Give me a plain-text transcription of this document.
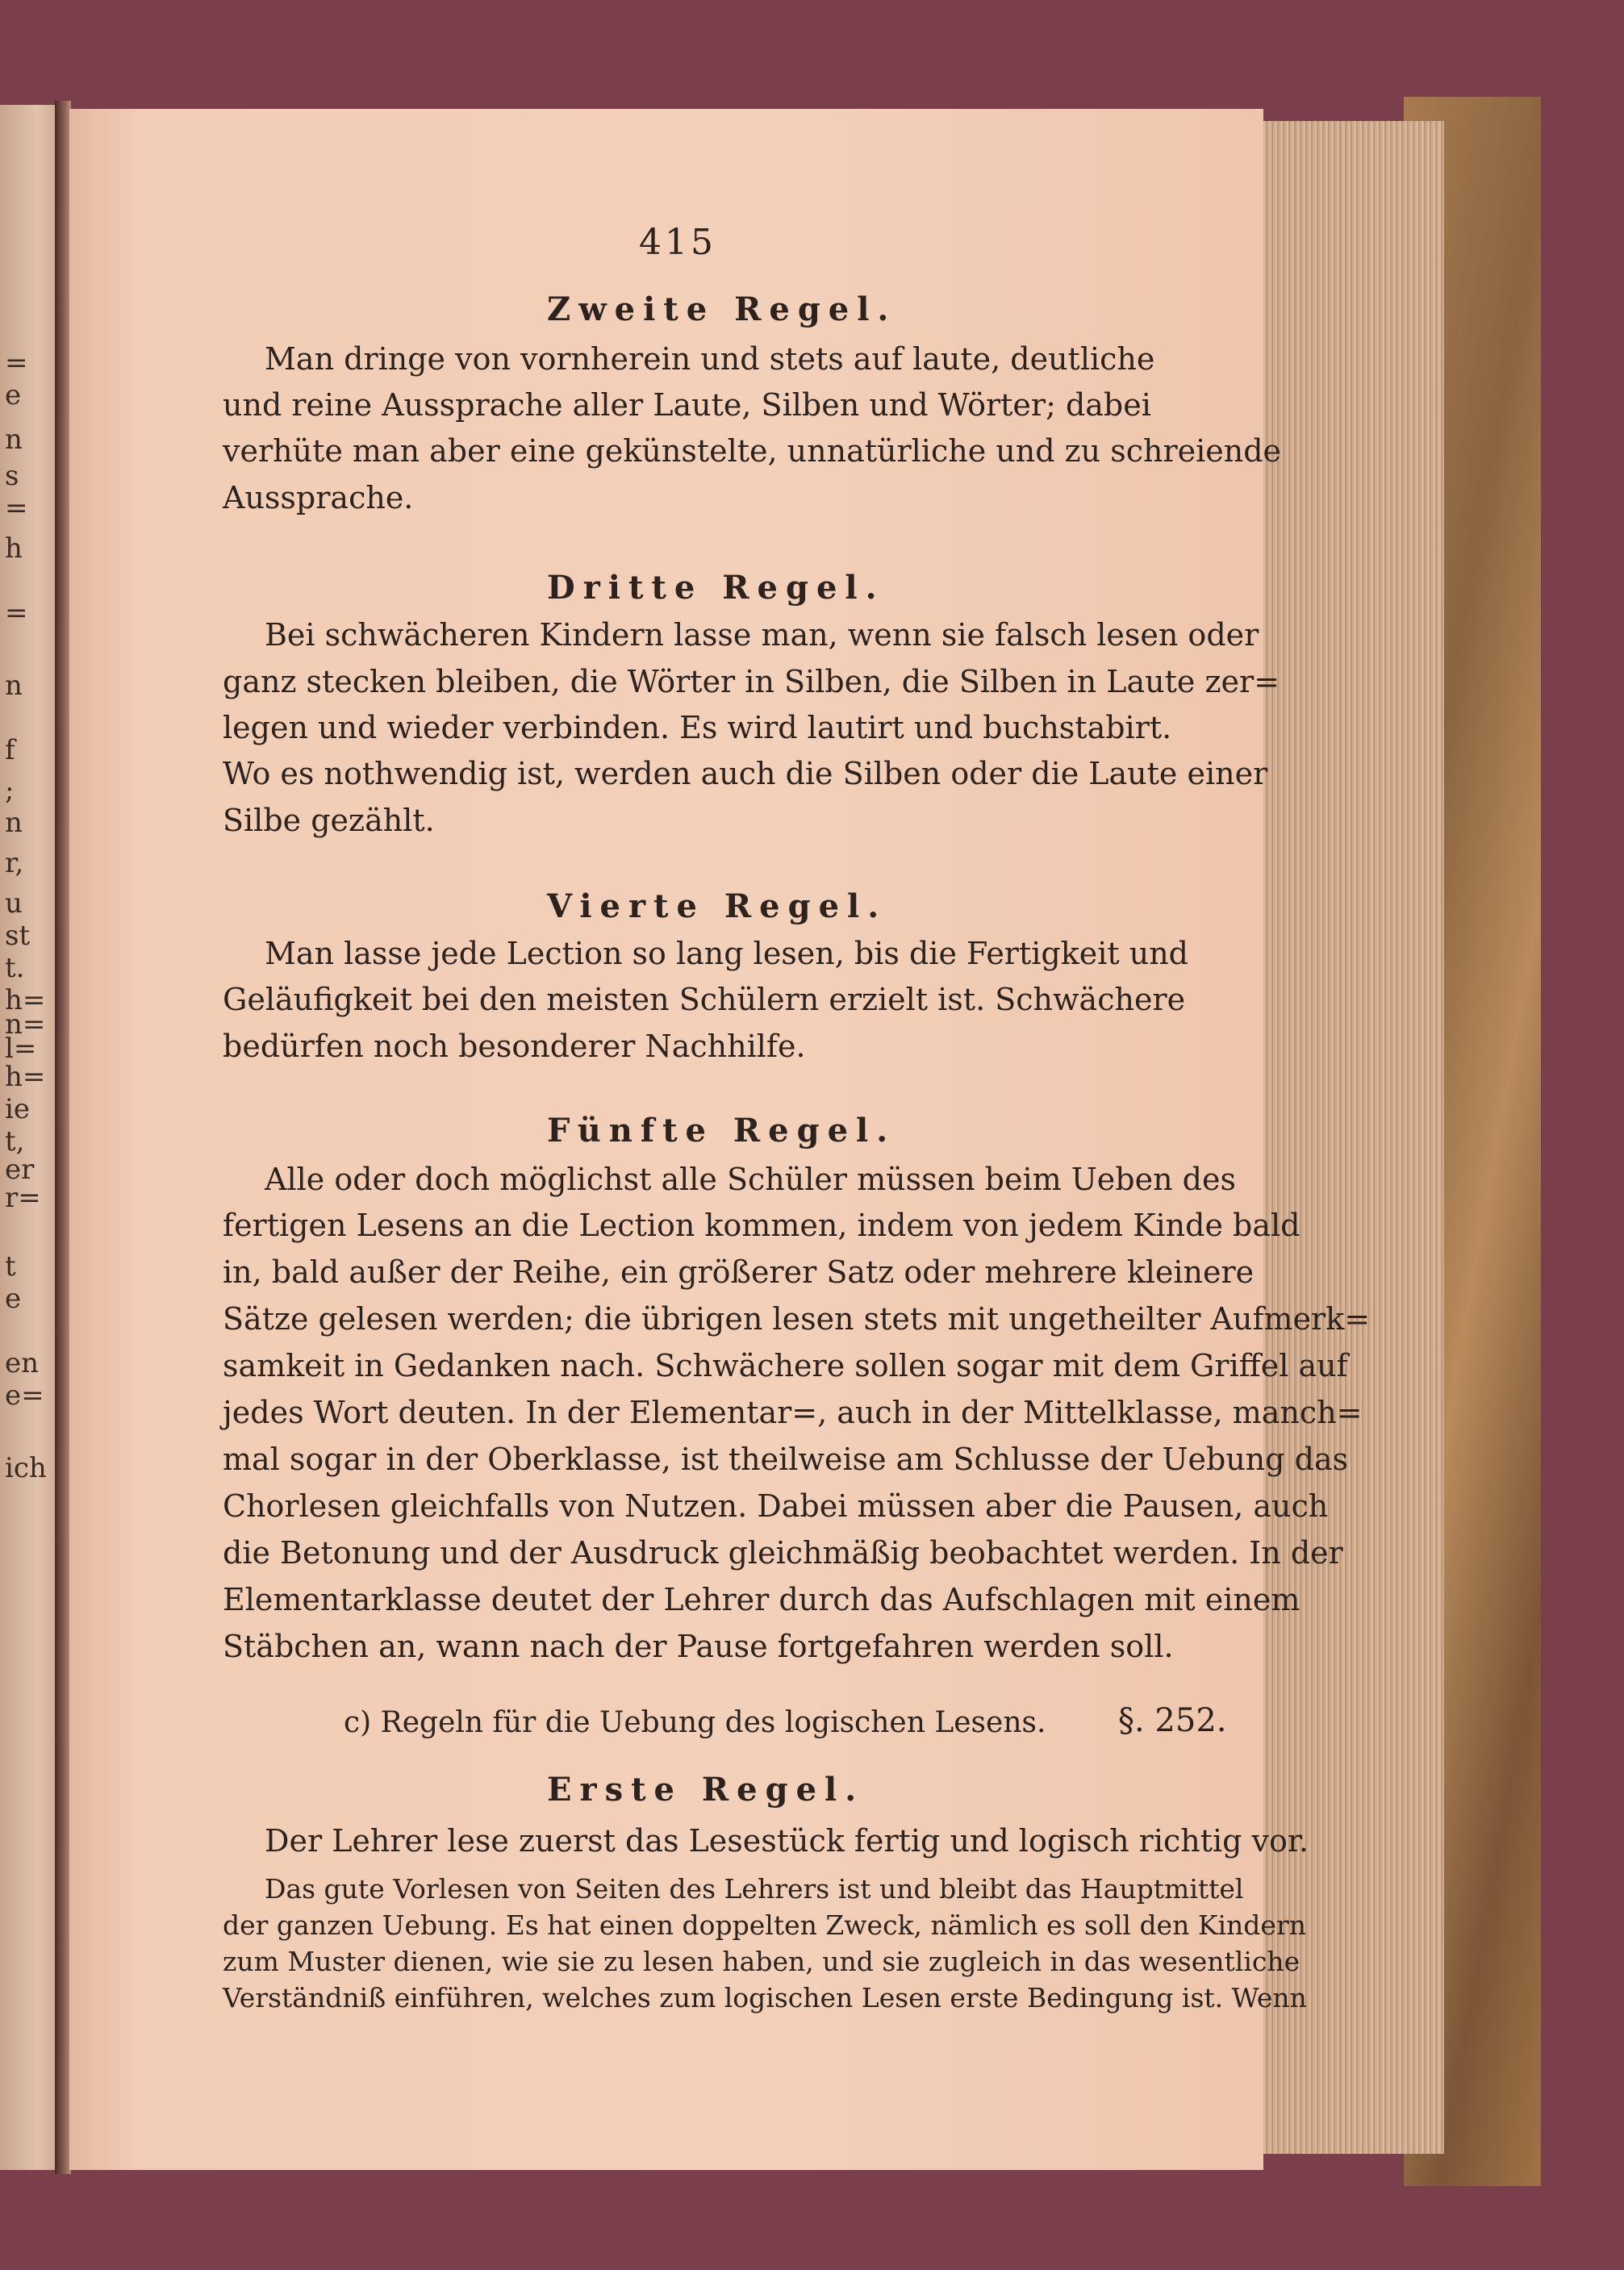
=
e
n
s
=
h
=
n
f
;
n
r,
u
st
t.
h=
n=
l=
h=
ie
t,
er
r=
t
e
en
e=
ich
415
Zweite Regel.
Man dringe von vornherein und stets auf laute, deutliche
und reine Aussprache aller Laute, Silben und Wörter; dabei
verhüte man aber eine gekünstelte, unnatürliche und zu schreiende
Aussprache.
Dritte Regel.
Bei schwächeren Kindern lasse man, wenn sie falsch lesen oder
ganz stecken bleiben, die Wörter in Silben, die Silben in Laute zer=
legen und wieder verbinden. Es wird lautirt und buchstabirt.
Wo es nothwendig ist, werden auch die Silben oder die Laute einer
Silbe gezählt.
Vierte Regel.
Man lasse jede Lection so lang lesen, bis die Fertigkeit und
Geläufigkeit bei den meisten Schülern erzielt ist. Schwächere
bedürfen noch besonderer Nachhilfe.
Fünfte Regel.
Alle oder doch möglichst alle Schüler müssen beim Ueben des
fertigen Lesens an die Lection kommen, indem von jedem Kinde bald
in, bald außer der Reihe, ein größerer Satz oder mehrere kleinere
Sätze gelesen werden; die übrigen lesen stets mit ungetheilter Aufmerk=
samkeit in Gedanken nach. Schwächere sollen sogar mit dem Griffel auf
jedes Wort deuten. In der Elementar=, auch in der Mittelklasse, manch=
mal sogar in der Oberklasse, ist theilweise am Schlusse der Uebung das
Chorlesen gleichfalls von Nutzen. Dabei müssen aber die Pausen, auch
die Betonung und der Ausdruck gleichmäßig beobachtet werden. In der
Elementarklasse deutet der Lehrer durch das Aufschlagen mit einem
Stäbchen an, wann nach der Pause fortgefahren werden soll.
c) Regeln für die Uebung des logischen Lesens. §. 252.
Erste Regel.
Der Lehrer lese zuerst das Lesestück fertig und logisch richtig vor.
Das gute Vorlesen von Seiten des Lehrers ist und bleibt das Hauptmittel
der ganzen Uebung. Es hat einen doppelten Zweck, nämlich es soll den Kindern
zum Muster dienen, wie sie zu lesen haben, und sie zugleich in das wesentliche
Verständniß einführen, welches zum logischen Lesen erste Bedingung ist. Wenn
